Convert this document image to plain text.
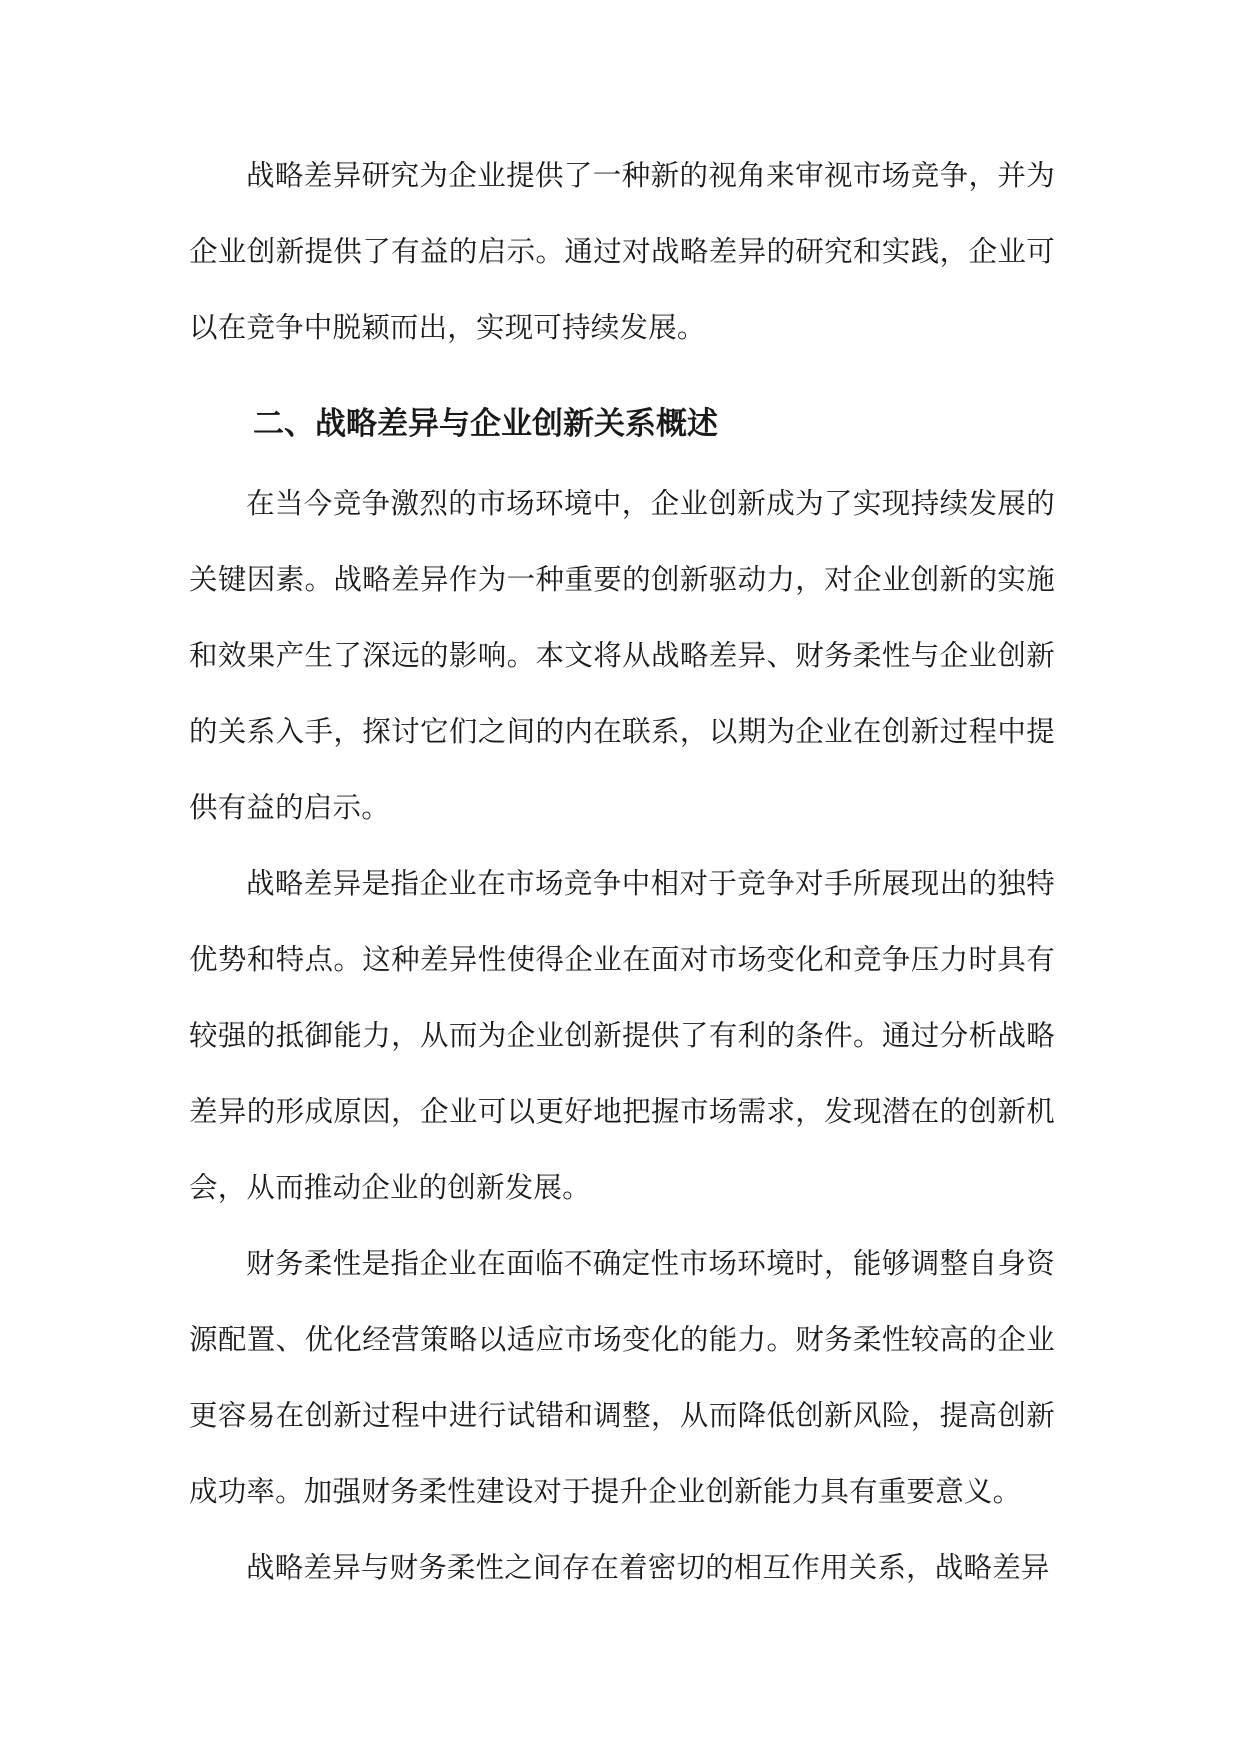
战略差异研究为企业提供了一种新的视角来审视市场竞争，并为企业创新提供了有益的启示。通过对战略差异的研究和实践，企业可以在竞争中脱颖而出，实现可持续发展。

二、战略差异与企业创新关系概述

在当今竞争激烈的市场环境中，企业创新成为了实现持续发展的关键因素。战略差异作为一种重要的创新驱动力，对企业创新的实施和效果产生了深远的影响。本文将从战略差异、财务柔性与企业创新的关系入手，探讨它们之间的内在联系，以期为企业在创新过程中提供有益的启示。

战略差异是指企业在市场竞争中相对于竞争对手所展现出的独特优势和特点。这种差异性使得企业在面对市场变化和竞争压力时具有较强的抵御能力，从而为企业创新提供了有利的条件。通过分析战略差异的形成原因，企业可以更好地把握市场需求，发现潜在的创新机会，从而推动企业的创新发展。

财务柔性是指企业在面临不确定性市场环境时，能够调整自身资源配置、优化经营策略以适应市场变化的能力。财务柔性较高的企业更容易在创新过程中进行试错和调整，从而降低创新风险，提高创新成功率。加强财务柔性建设对于提升企业创新能力具有重要意义。

战略差异与财务柔性之间存在着密切的相互作用关系，战略差异
